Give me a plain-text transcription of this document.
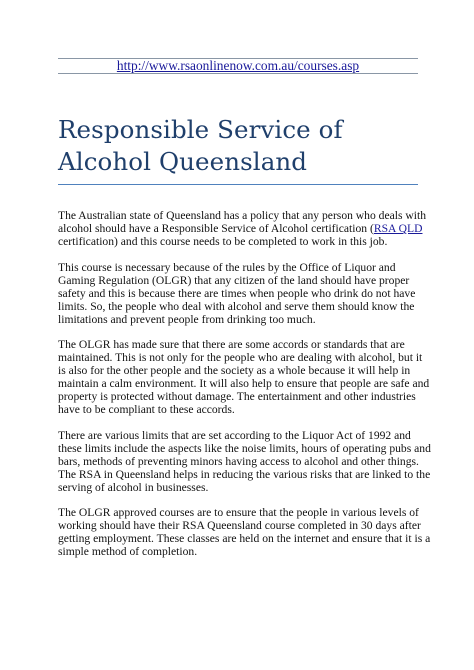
http://www.rsaonlinenow.com.au/courses.asp
Responsible Service of
Alcohol Queensland
The Australian state of Queensland has a policy that any person who deals with
alcohol should have a Responsible Service of Alcohol certification (RSA QLD
certification) and this course needs to be completed to work in this job.
This course is necessary because of the rules by the Office of Liquor and
Gaming Regulation (OLGR) that any citizen of the land should have proper
safety and this is because there are times when people who drink do not have
limits. So, the people who deal with alcohol and serve them should know the
limitations and prevent people from drinking too much.
The OLGR has made sure that there are some accords or standards that are
maintained. This is not only for the people who are dealing with alcohol, but it
is also for the other people and the society as a whole because it will help in
maintain a calm environment. It will also help to ensure that people are safe and
property is protected without damage. The entertainment and other industries
have to be compliant to these accords.
There are various limits that are set according to the Liquor Act of 1992 and
these limits include the aspects like the noise limits, hours of operating pubs and
bars, methods of preventing minors having access to alcohol and other things.
The RSA in Queensland helps in reducing the various risks that are linked to the
serving of alcohol in businesses.
The OLGR approved courses are to ensure that the people in various levels of
working should have their RSA Queensland course completed in 30 days after
getting employment. These classes are held on the internet and ensure that it is a
simple method of completion.
